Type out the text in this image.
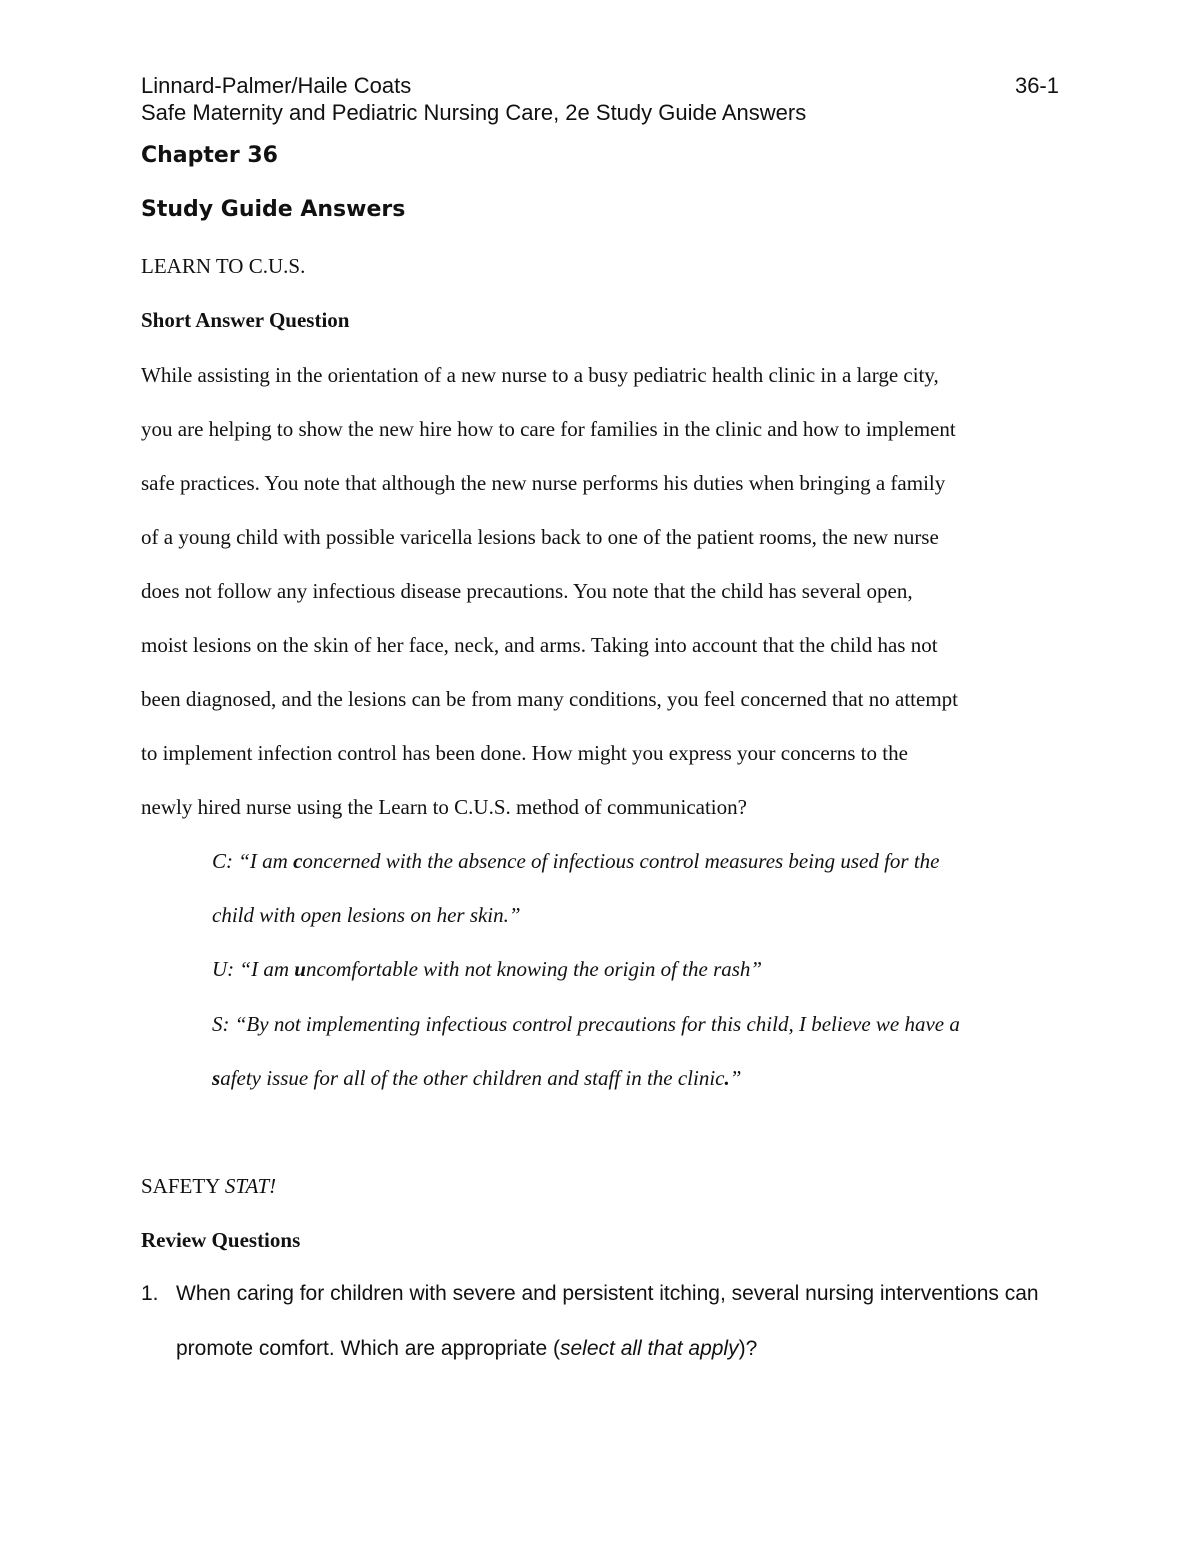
Linnard-Palmer/Haile Coats	36-1
Safe Maternity and Pediatric Nursing Care, 2e Study Guide Answers
Chapter 36
Study Guide Answers
LEARN TO C.U.S.
Short Answer Question
While assisting in the orientation of a new nurse to a busy pediatric health clinic in a large city,
you are helping to show the new hire how to care for families in the clinic and how to implement
safe practices. You note that although the new nurse performs his duties when bringing a family
of a young child with possible varicella lesions back to one of the patient rooms, the new nurse
does not follow any infectious disease precautions. You note that the child has several open,
moist lesions on the skin of her face, neck, and arms. Taking into account that the child has not
been diagnosed, and the lesions can be from many conditions, you feel concerned that no attempt
to implement infection control has been done. How might you express your concerns to the
newly hired nurse using the Learn to C.U.S. method of communication?
C: “I am concerned with the absence of infectious control measures being used for the
child with open lesions on her skin.”
U: “I am uncomfortable with not knowing the origin of the rash”
S: “By not implementing infectious control precautions for this child, I believe we have a
safety issue for all of the other children and staff in the clinic.”
SAFETY STAT!
Review Questions
1. When caring for children with severe and persistent itching, several nursing interventions can
promote comfort. Which are appropriate (select all that apply)?
